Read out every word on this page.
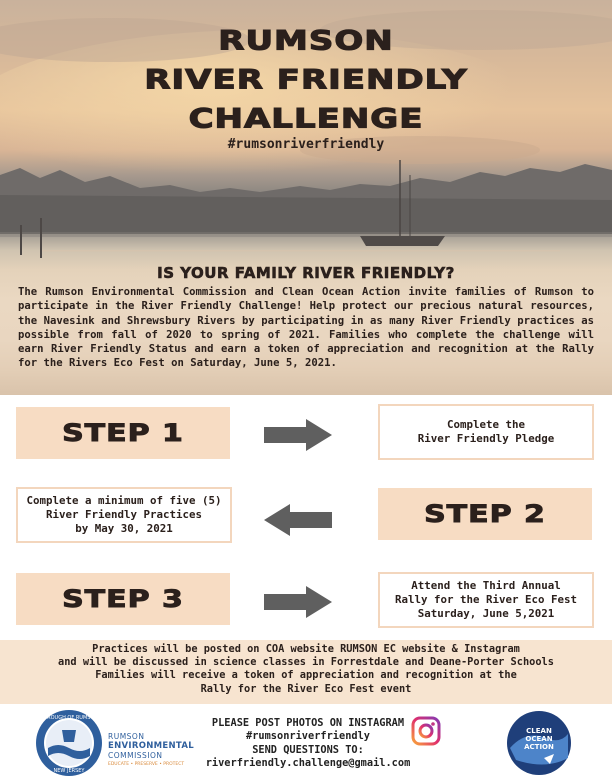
RUMSON
RIVER FRIENDLY
CHALLENGE
#rumsonriverfriendly
IS YOUR FAMILY RIVER FRIENDLY?
The Rumson Environmental Commission and Clean Ocean Action invite families of Rumson to participate in the River Friendly Challenge! Help protect our precious natural resources, the Navesink and Shrewsbury Rivers by participating in as many River Friendly practices as possible from fall of 2020 to spring of 2021. Families who complete the challenge will earn River Friendly Status and earn a token of appreciation and recognition at the Rally for the Rivers Eco Fest on Saturday, June 5, 2021.
STEP 1	Complete the
River Friendly Pledge
Complete a minimum of five (5)
River Friendly Practices
by May 30, 2021
STEP 2
STEP 3	Attend the Third Annual
Rally for the River Eco Fest
Saturday, June 5,2021
Practices will be posted on COA website RUMSON EC website & Instagram
and will be discussed in science classes in Forrestdale and Deane-Porter Schools
Families will receive a token of appreciation and recognition at the
Rally for the River Eco Fest event
BOROUGH OF RUMSON
NEW JERSEY
RUMSON
ENVIRONMENTAL
COMMISSION
EDUCATE • PRESERVE • PROTECT
PLEASE POST PHOTOS ON INSTAGRAM
#rumsonriverfriendly
SEND QUESTIONS TO:
riverfriendly.challenge@gmail.com
CLEAN
OCEAN
ACTION
